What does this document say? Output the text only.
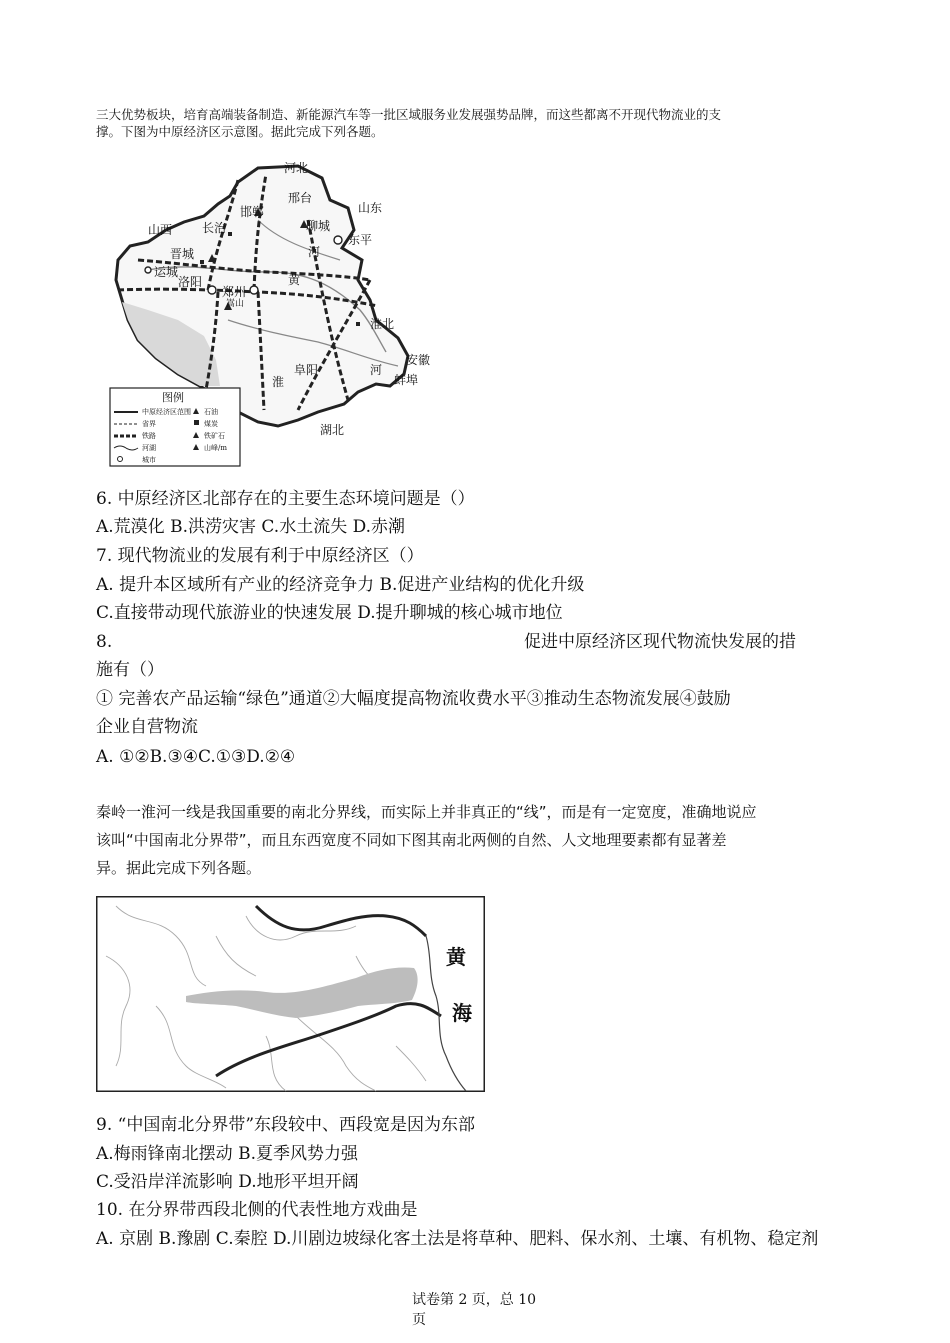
三大优势板块，培育高端装备制造、新能源汽车等一批区域服务业发展强势品牌，而这些都离不开现代物流业的支
撑。下图为中原经济区示意图。据此完成下列各题。
河北
山东
山西 长治
邯郸
邢台
聊城
东平
晋城
运城
洛阳
郑州
淮北
阜阳
安徽
蚌埠
湖北
淮
河
河
黄
嵩山
图例
中原经济区范围
省界
铁路
河湖
城市
石油
煤炭
铁矿石
山峰/m
6. 中原经济区北部存在的主要生态环境问题是（）
A.荒漠化 B.洪涝灾害 C.水土流失 D.赤潮
7. 现代物流业的发展有利于中原经济区（）
A. 提升本区域所有产业的经济竞争力 B.促进产业结构的优化升级
C.直接带动现代旅游业的快速发展 D.提升聊城的核心城市地位
8.	促进中原经济区现代物流快发展的措
施有（）
① 完善农产品运输“绿色”通道②大幅度提高物流收费水平③推动生态物流发展④鼓励
企业自营物流
A. ①②B.③④C.①③D.②④
秦岭一淮河一线是我国重要的南北分界线，而实际上并非真正的“线”，而是有一定宽度，准确地说应
该叫“中国南北分界带”，而且东西宽度不同如下图其南北两侧的自然、人文地理要素都有显著差
异。据此完成下列各题。
黄
海
9. “中国南北分界带”东段较中、西段宽是因为东部
A.梅雨锋南北摆动 B.夏季风势力强
C.受沿岸洋流影响 D.地形平坦开阔
10. 在分界带西段北侧的代表性地方戏曲是
A. 京剧 B.豫剧 C.秦腔 D.川剧边坡绿化客土法是将草种、肥料、保水剂、土壤、有机物、稳定剂
试卷第 2 页，总 10
页
